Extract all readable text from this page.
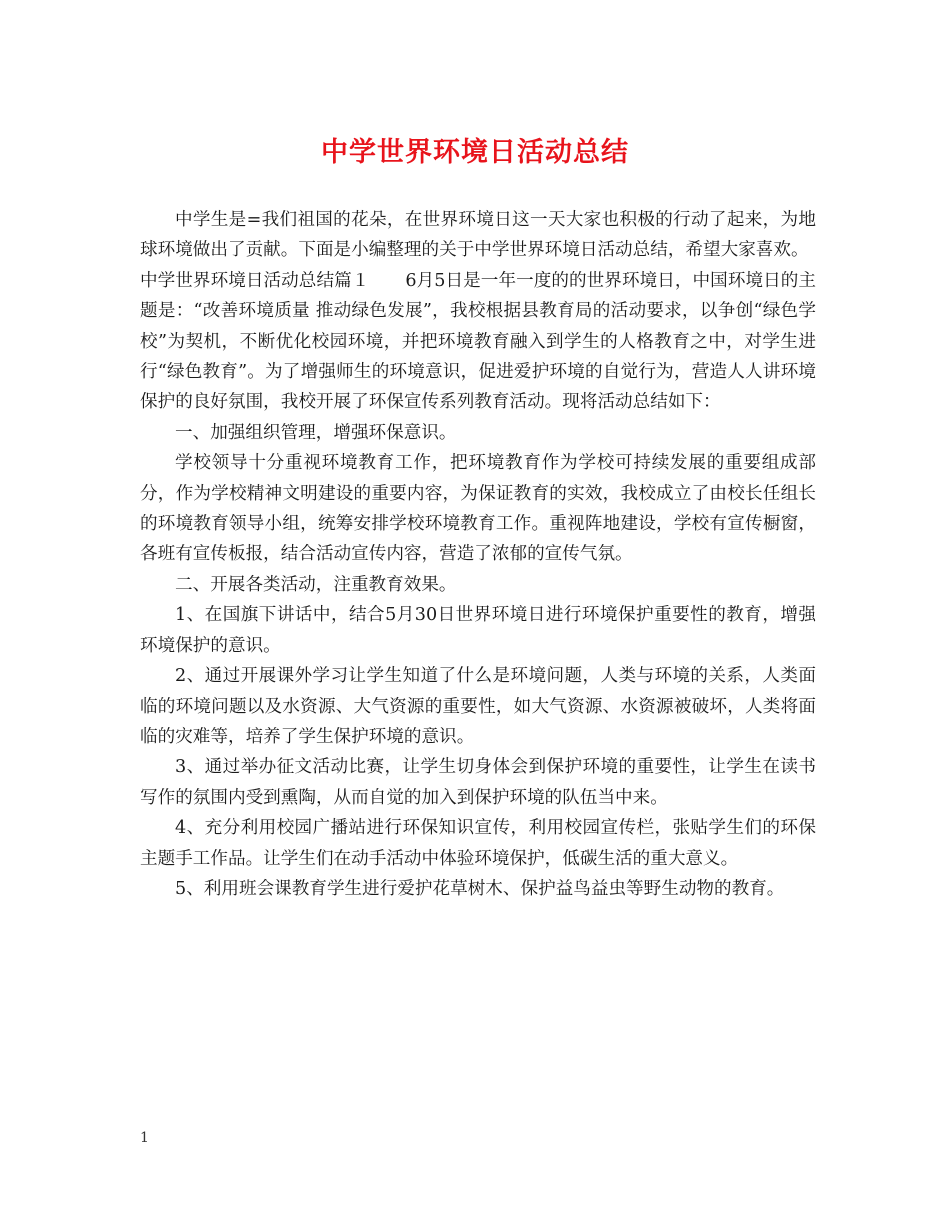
中学世界环境日活动总结

中学生是=我们祖国的花朵，在世界环境日这一天大家也积极的行动了起来，为地球环境做出了贡献。下面是小编整理的关于中学世界环境日活动总结，希望大家喜欢。

中学世界环境日活动总结篇１ 6月5日是一年一度的的世界环境日，中国环境日的主题是：“改善环境质量 推动绿色发展”，我校根据县教育局的活动要求，以争创“绿色学校”为契机，不断优化校园环境，并把环境教育融入到学生的人格教育之中，对学生进行“绿色教育”。为了增强师生的环境意识，促进爱护环境的自觉行为，营造人人讲环境保护的良好氛围，我校开展了环保宣传系列教育活动。现将活动总结如下：

一、加强组织管理，增强环保意识。

学校领导十分重视环境教育工作，把环境教育作为学校可持续发展的重要组成部分，作为学校精神文明建设的重要内容，为保证教育的实效，我校成立了由校长任组长的环境教育领导小组，统筹安排学校环境教育工作。重视阵地建设，学校有宣传橱窗，各班有宣传板报，结合活动宣传内容，营造了浓郁的宣传气氛。

二、开展各类活动，注重教育效果。

1、在国旗下讲话中，结合5月30日世界环境日进行环境保护重要性的教育，增强环境保护的意识。

2、通过开展课外学习让学生知道了什么是环境问题，人类与环境的关系，人类面临的环境问题以及水资源、大气资源的重要性，如大气资源、水资源被破坏，人类将面临的灾难等，培养了学生保护环境的意识。

3、通过举办征文活动比赛，让学生切身体会到保护环境的重要性，让学生在读书写作的氛围内受到熏陶，从而自觉的加入到保护环境的队伍当中来。

4、充分利用校园广播站进行环保知识宣传，利用校园宣传栏，张贴学生们的环保主题手工作品。让学生们在动手活动中体验环境保护，低碳生活的重大意义。

5、利用班会课教育学生进行爱护花草树木、保护益鸟益虫等野生动物的教育。

1
